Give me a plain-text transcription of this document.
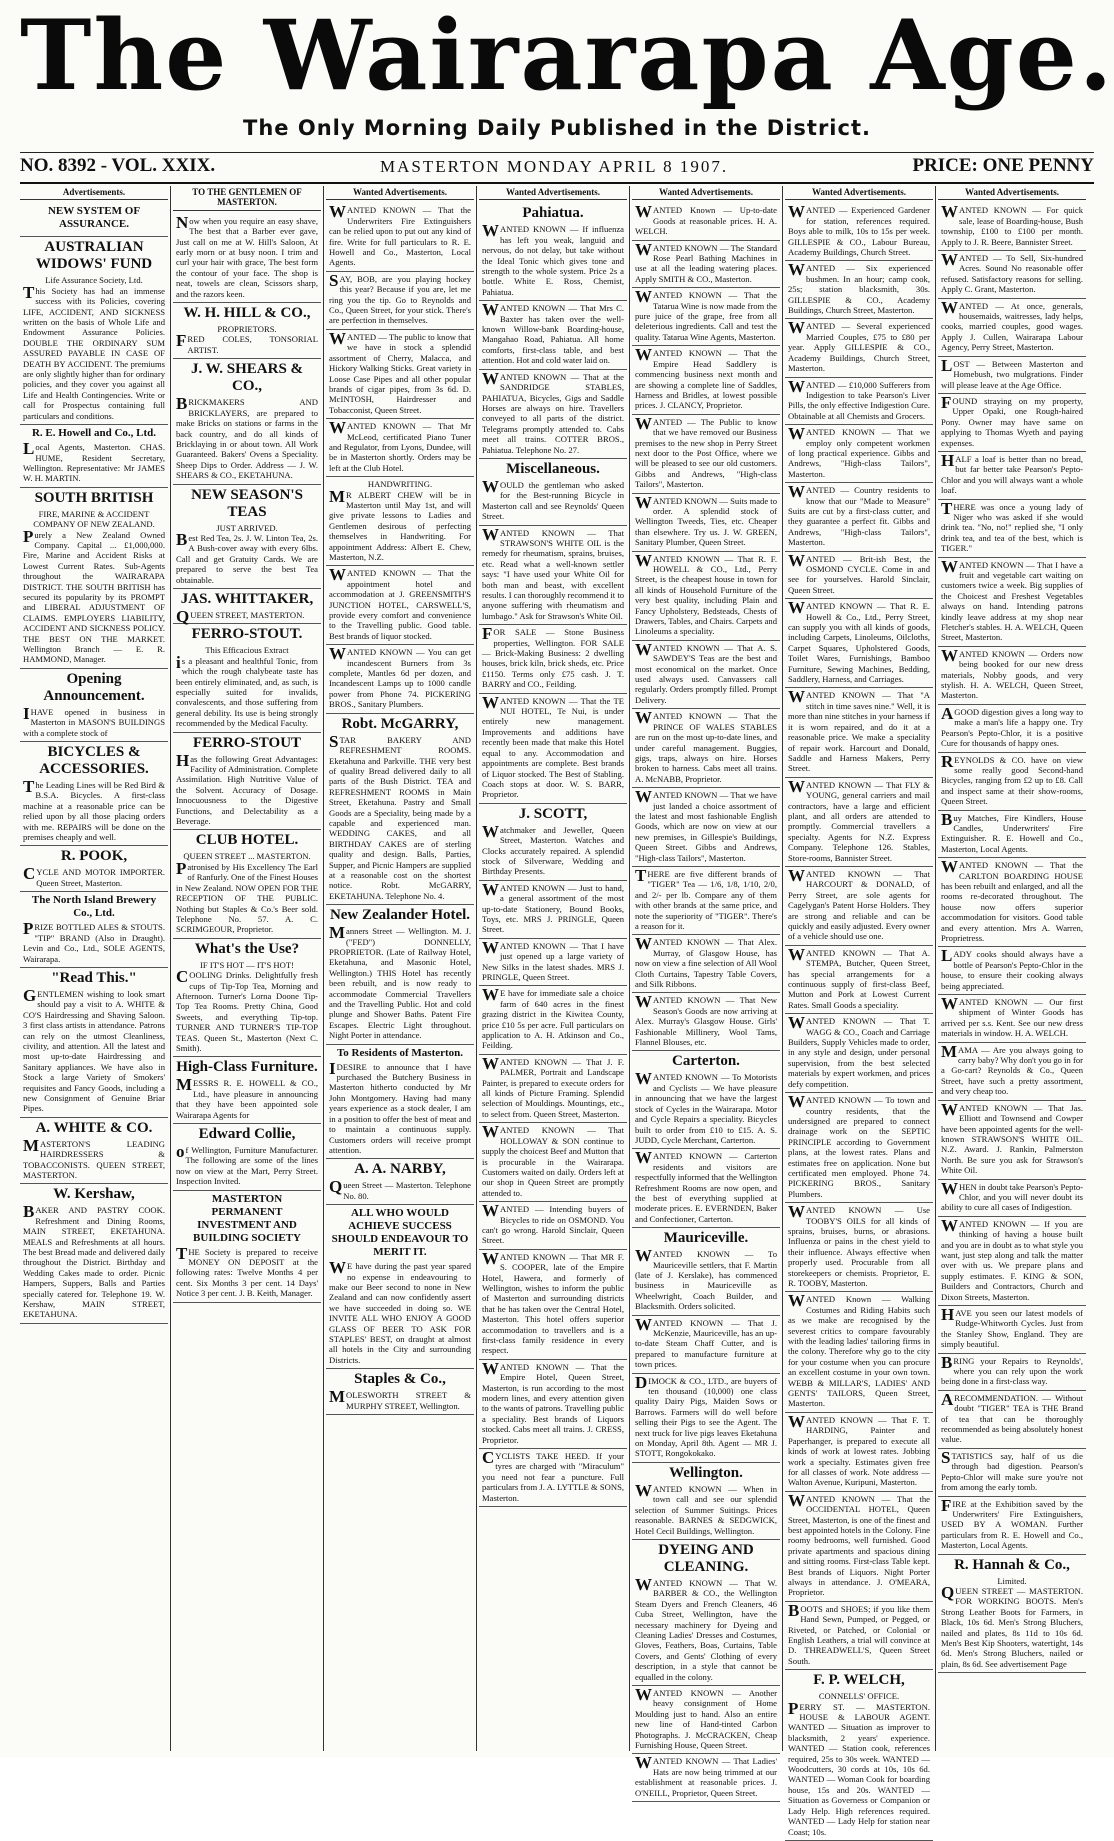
The Wairarapa Age.
The Only Morning Daily Published in the District.
NO. 8392 - VOL. XXIX.	MASTERTON MONDAY APRIL 8 1907.	PRICE: ONE PENNY
Advertisements.
NEW SYSTEM OF ASSURANCE.
AUSTRALIAN WIDOWS' FUND
Life Assurance Society, Ltd.
This Society has had an immense success with its Policies, covering LIFE, ACCIDENT, AND SICKNESS written on the basis of Whole Life and Endowment Assurance Policies. DOUBLE THE ORDINARY SUM ASSURED PAYABLE IN CASE OF DEATH BY ACCIDENT. The premiums are only slightly higher than for ordinary policies, and they cover you against all Life and Health Contingencies. Write or call for Prospectus containing full particulars and conditions.
R. E. Howell and Co., Ltd.
Local Agents, Masterton. CHAS. HUME, Resident Secretary, Wellington. Representative: Mr JAMES W. H. MARTIN.
SOUTH BRITISH
FIRE, MARINE & ACCIDENT COMPANY OF NEW ZEALAND.
Purely a New Zealand Owned Company. Capital ... £1,000,000. Fire, Marine and Accident Risks at Lowest Current Rates. Sub-Agents throughout the WAIRARAPA DISTRICT. THE SOUTH BRITISH has secured its popularity by its PROMPT and LIBERAL ADJUSTMENT OF CLAIMS. EMPLOYERS LIABILITY, ACCIDENT AND SICKNESS POLICY. THE BEST ON THE MARKET. Wellington Branch — E. R. HAMMOND, Manager.
Opening Announcement.
IHAVE opened in business in Masterton in MASON'S BUILDINGS with a complete stock of
BICYCLES & ACCESSORIES.
The Leading Lines will be Red Bird & B.S.A. Bicycles. A first-class machine at a reasonable price can be relied upon by all those placing orders with me. REPAIRS will be done on the premises cheaply and well.
R. POOK,
CYCLE AND MOTOR IMPORTER. Queen Street, Masterton.
The North Island Brewery Co., Ltd.
PRIZE BOTTLED ALES & STOUTS. "TIP" BRAND (Also in Draught). Levin and Co., Ltd., SOLE AGENTS, Wairarapa.
"Read This."
GENTLEMEN wishing to look smart should pay a visit to A. WHITE & CO'S Hairdressing and Shaving Saloon. 3 first class artists in attendance. Patrons can rely on the utmost Cleanliness, civility, and attention. All the latest and most up-to-date Hairdressing and Sanitary appliances. We have also in Stock a large Variety of Smokers' requisites and Fancy Goods, including a new Consignment of Genuine Briar Pipes.
A. WHITE & CO.
MASTERTON'S LEADING HAIRDRESSERS & TOBACCONISTS. QUEEN STREET, MASTERTON.
W. Kershaw,
BAKER AND PASTRY COOK. Refreshment and Dining Rooms, MAIN STREET, EKETAHUNA. MEALS and Refreshments at all hours. The best Bread made and delivered daily throughout the District. Birthday and Wedding Cakes made to order. Picnic Hampers, Suppers, Balls and Parties specially catered for. Telephone 19. W. Kershaw, MAIN STREET, EKETAHUNA.
TO THE GENTLEMEN OF MASTERTON.
Now when you require an easy shave, The best that a Barber ever gave, Just call on me at W. Hill's Saloon, At early morn or at busy noon. I trim and curl your hair with grace, The best form the contour of your face. The shop is neat, towels are clean, Scissors sharp, and the razors keen.
W. H. HILL & CO.,
PROPRIETORS.
FRED COLES, TONSORIAL ARTIST.
J. W. SHEARS & CO.,
BRICKMAKERS AND BRICKLAYERS, are prepared to make Bricks on stations or farms in the back country, and do all kinds of Bricklaying in or about town. All Work Guaranteed. Bakers' Ovens a Speciality. Sheep Dips to Order. Address — J. W. SHEARS & CO., EKETAHUNA.
NEW SEASON'S TEAS
JUST ARRIVED.
Best Red Tea, 2s. J. W. Linton Tea, 2s. A Bush-cover away with every 6lbs. Call and get Gratuity Cards. We are prepared to serve the best Tea obtainable.
JAS. WHITTAKER,
QUEEN STREET, MASTERTON.
FERRO-STOUT.
This Efficacious Extract
is a pleasant and healthful Tonic, from which the rough chalybeate taste has been entirely eliminated, and, as such, is especially suited for invalids, convalescents, and those suffering from general debility. Its use is being strongly recommended by the Medical Faculty.
FERRO-STOUT
Has the following Great Advantages: Facility of Administration. Complete Assimilation. High Nutritive Value of the Solvent. Accuracy of Dosage. Innocuousness to the Digestive Functions, and Delectability as a Beverage.
CLUB HOTEL.
QUEEN STREET ... MASTERTON.
Patronised by His Excellency The Earl of Ranfurly. One of the Finest Houses in New Zealand. NOW OPEN FOR THE RECEPTION OF THE PUBLIC. Nothing but Staples & Co.'s Beer sold. Telephone No. 57. A. C. SCRIMGEOUR, Proprietor.
What's the Use?
IF IT'S HOT — IT'S HOT!
COOLING Drinks. Delightfully fresh cups of Tip-Top Tea, Morning and Afternoon. Turner's Lorna Doone Tip-Top Tea Rooms. Pretty China, Good Sweets, and everything Tip-top. TURNER AND TURNER'S TIP-TOP TEAS. Queen St., Masterton (Next C. Smith).
High-Class Furniture.
MESSRS R. E. HOWELL & CO., Ltd., have pleasure in announcing that they have been appointed sole Wairarapa Agents for
Edward Collie,
of Wellington, Furniture Manufacturer. The following are some of the lines now on view at the Mart, Perry Street. Inspection Invited.
MASTERTON PERMANENT INVESTMENT AND BUILDING SOCIETY
THE Society is prepared to receive MONEY ON DEPOSIT at the following rates: Twelve Months 4 per cent. Six Months 3 per cent. 14 Days' Notice 3 per cent. J. B. Keith, Manager.
Wanted Advertisements.
WANTED KNOWN — That the Underwriters Fire Extinguishers can be relied upon to put out any kind of fire. Write for full particulars to R. E. Howell and Co., Masterton, Local Agents.
SAY, BOB, are you playing hockey this year? Because if you are, let me ring you the tip. Go to Reynolds and Co., Queen Street, for your stick. There's are perfection in themselves.
WANTED — The public to know that we have in stock a splendid assortment of Cherry, Malacca, and Hickory Walking Sticks. Great variety in Loose Case Pipes and all other popular brands of cigar pipes, from 3s 6d. D. McINTOSH, Hairdresser and Tobacconist, Queen Street.
WANTED KNOWN — That Mr McLeod, certificated Piano Tuner and Regulator, from Lyons, Dundee, will be in Masterton shortly. Orders may be left at the Club Hotel.
HANDWRITING.
MR ALBERT CHEW will be in Masterton until May 1st, and will give private lessons to Ladies and Gentlemen desirous of perfecting themselves in Handwriting. For appointment Address: Albert E. Chew, Masterton, N.Z.
WANTED KNOWN — That the appointment hotel and accommodation at J. GREENSMITH'S JUNCTION HOTEL, CARSWELL'S, provide every comfort and convenience to the Travelling public. Good table. Best brands of liquor stocked.
WANTED KNOWN — You can get incandescent Burners from 3s complete, Mantles 6d per dozen, and Incandescent Lamps up to 1000 candle power from Phone 74. PICKERING BROS., Sanitary Plumbers.
Robt. McGARRY,
STAR BAKERY AND REFRESHMENT ROOMS. Eketahuna and Parkville. THE very best of quality Bread delivered daily to all parts of the Bush District. TEA and REFRESHMENT ROOMS in Main Street, Eketahuna. Pastry and Small Goods are a Speciality, being made by a capable and experienced man. WEDDING CAKES, and all BIRTHDAY CAKES are of sterling quality and design. Balls, Parties, Supper, and Picnic Hampers are supplied at a reasonable cost on the shortest notice. Robt. McGARRY, EKETAHUNA. Telephone No. 4.
New Zealander Hotel.
Manners Street — Wellington. M. J. ("FED") DONNELLY, PROPRIETOR. (Late of Railway Hotel, Eketahuna, and Masonic Hotel, Wellington.) THIS Hotel has recently been rebuilt, and is now ready to accommodate Commercial Travellers and the Travelling Public. Hot and cold plunge and Shower Baths. Patent Fire Escapes. Electric Light throughout. Night Porter in attendance.
To Residents of Masterton.
IDESIRE to announce that I have purchased the Butchery Business in Masterton hitherto conducted by Mr John Montgomery. Having had many years experience as a stock dealer, I am in a position to offer the best of meat and to maintain a continuous supply. Customers orders will receive prompt attention.
A. A. NARBY,
Queen Street — Masterton. Telephone No. 80.
ALL WHO WOULD ACHIEVE SUCCESS SHOULD ENDEAVOUR TO MERIT IT.
WE have during the past year spared no expense in endeavouring to make our Beer second to none in New Zealand and can now confidently assert we have succeeded in doing so. WE INVITE ALL WHO ENJOY A GOOD GLASS OF BEER TO ASK FOR STAPLES' BEST, on draught at almost all hotels in the City and surrounding Districts.
Staples & Co.,
MOLESWORTH STREET & MURPHY STREET, Wellington.
Wanted Advertisements.
Pahiatua.
WANTED KNOWN — If influenza has left you weak, languid and nervous, do not delay, but take without the Ideal Tonic which gives tone and strength to the whole system. Price 2s a bottle. White E. Ross, Chemist, Pahiatua.
WANTED KNOWN — That Mrs C. Baxter has taken over the well-known Willow-bank Boarding-house, Mangahao Road, Pahiatua. All home comforts, first-class table, and best attention. Hot and cold water laid on.
WANTED KNOWN — That at the SANDRIDGE STABLES, PAHIATUA, Bicycles, Gigs and Saddle Horses are always on hire. Travellers conveyed to all parts of the district. Telegrams promptly attended to. Cabs meet all trains. COTTER BROS., Pahiatua. Telephone No. 27.
Miscellaneous.
WOULD the gentleman who asked for the Best-running Bicycle in Masterton call and see Reynolds' Queen Street.
WANTED KNOWN — That STRAWSON'S WHITE OIL is the remedy for rheumatism, sprains, bruises, etc. Read what a well-known settler says: "I have used your White Oil for both man and beast, with excellent results. I can thoroughly recommend it to anyone suffering with rheumatism and lumbago." Ask for Strawson's White Oil.
FOR SALE — Stone Business properties, Wellington. FOR SALE — Brick-Making Business: 2 dwelling houses, brick kiln, brick sheds, etc. Price £1150. Terms only £75 cash. J. T. BARRY and CO., Feilding.
WANTED KNOWN — That the TE NUI HOTEL, Te Nui, is under entirely new management. Improvements and additions have recently been made that make this Hotel equal to any. Accommodation and appointments are complete. Best brands of Liquor stocked. The Best of Stabling. Coach stops at door. W. S. BARR, Proprietor.
J. SCOTT,
Watchmaker and Jeweller, Queen Street, Masterton. Watches and Clocks accurately repaired. A splendid stock of Silverware, Wedding and Birthday Presents.
WANTED KNOWN — Just to hand, a general assortment of the most up-to-date Stationery, Bound Books, Toys, etc. MRS J. PRINGLE, Queen Street.
WANTED KNOWN — That I have just opened up a large variety of New Silks in the latest shades. MRS J. PRINGLE, Queen Street.
WE have for immediate sale a choice farm of 640 acres in the finest grazing district in the Kiwitea County, price £10 5s per acre. Full particulars on application to A. H. Atkinson and Co., Feilding.
WANTED KNOWN — That J. F. PALMER, Portrait and Landscape Painter, is prepared to execute orders for all kinds of Picture Framing. Splendid selection of Mouldings. Mountings, etc., to select from. Queen Street, Masterton.
WANTED KNOWN — That HOLLOWAY & SON continue to supply the choicest Beef and Mutton that is procurable in the Wairarapa. Customers waited on daily. Orders left at our shop in Queen Street are promptly attended to.
WANTED — Intending buyers of Bicycles to ride on OSMOND. You can't go wrong. Harold Sinclair, Queen Street.
WANTED KNOWN — That MR F. S. COOPER, late of the Empire Hotel, Hawera, and formerly of Wellington, wishes to inform the public of Masterton and surrounding districts that he has taken over the Central Hotel, Masterton. This hotel offers superior accommodation to travellers and is a first-class family residence in every respect.
WANTED KNOWN — That the Empire Hotel, Queen Street, Masterton, is run according to the most modern lines, and every attention given to the wants of patrons. Travelling public a speciality. Best brands of Liquors stocked. Cabs meet all trains. J. CRESS, Proprietor.
CYCLISTS TAKE HEED. If your tyres are charged with "Miraculum" you need not fear a puncture. Full particulars from J. A. LYTTLE & SONS, Masterton.
Wanted Advertisements.
WANTED Known — Up-to-date Goods at reasonable prices. H. A. WELCH.
WANTED KNOWN — The Standard Rose Pearl Bathing Machines in use at all the leading watering places. Apply SMITH & CO., Masterton.
WANTED KNOWN — That the Tatarua Wine is now made from the pure juice of the grape, free from all deleterious ingredients. Call and test the quality. Tatarua Wine Agents, Masterton.
WANTED KNOWN — That the Empire Head Saddlery is commencing business next month and are showing a complete line of Saddles, Harness and Bridles, at lowest possible prices. J. CLANCY, Proprietor.
WANTED — The Public to know that we have removed our Business premises to the new shop in Perry Street next door to the Post Office, where we will be pleased to see our old customers. Gibbs and Andrews, "High-class Tailors", Masterton.
WANTED KNOWN — Suits made to order. A splendid stock of Wellington Tweeds, Ties, etc. Cheaper than elsewhere. Try us. J. W. GREEN, Sanitary Plumber, Queen Street.
WANTED KNOWN — That R. F. HOWELL & CO., Ltd., Perry Street, is the cheapest house in town for all kinds of Household Furniture of the very best quality, including Plain and Fancy Upholstery, Bedsteads, Chests of Drawers, Tables, and Chairs. Carpets and Linoleums a speciality.
WANTED KNOWN — That A. S. SAWDEY'S Teas are the best and most economical on the market. Once used always used. Canvassers call regularly. Orders promptly filled. Prompt Delivery.
WANTED KNOWN — That the PRINCE OF WALES STABLES are run on the most up-to-date lines, and under careful management. Buggies, gigs, traps, always on hire. Horses broken to harness. Cabs meet all trains. A. McNABB, Proprietor.
WANTED KNOWN — That we have just landed a choice assortment of the latest and most fashionable English Goods, which are now on view at our new premises, in Gillespie's Buildings, Queen Street. Gibbs and Andrews, "High-class Tailors", Masterton.
THERE are five different brands of "TIGER" Tea — 1/6, 1/8, 1/10, 2/0, and 2/- per lb. Compare any of them with other brands at the same price, and note the superiority of "TIGER". There's a reason for it.
WANTED KNOWN — That Alex. Murray, of Glasgow House, has now on view a fine selection of All Wool Cloth Curtains, Tapestry Table Covers, and Silk Ribbons.
WANTED KNOWN — That New Season's Goods are now arriving at Alex. Murray's Glasgow House. Girls' Fashionable Millinery, Wool Tams, Flannel Blouses, etc.
Carterton.
WANTED KNOWN — To Motorists and Cyclists — We have pleasure in announcing that we have the largest stock of Cycles in the Wairarapa. Motor and Cycle Repairs a speciality. Bicycles built to order from £10 to £15. A. S. JUDD, Cycle Merchant, Carterton.
WANTED KNOWN — Carterton residents and visitors are respectfully informed that the Wellington Refreshment Rooms are now open, and the best of everything supplied at moderate prices. E. EVERNDEN, Baker and Confectioner, Carterton.
Mauriceville.
WANTED KNOWN — To Mauriceville settlers, that F. Martin (late of J. Kerslake), has commenced business in Mauriceville as Wheelwright, Coach Builder, and Blacksmith. Orders solicited.
WANTED KNOWN — That J. McKenzie, Mauriceville, has an up-to-date Steam Chaff Cutter, and is prepared to manufacture furniture at town prices.
DIMOCK & CO., LTD., are buyers of ten thousand (10,000) one class quality Dairy Pigs, Maiden Sows or Barrows. Farmers will do well before selling their Pigs to see the Agent. The next truck for live pigs leaves Eketahuna on Monday, April 8th. Agent — MR J. STOTT, Rongokokako.
Wellington.
WANTED KNOWN — When in town call and see our splendid selection of Summer Suitings. Prices reasonable. BARNES & SEDGWICK, Hotel Cecil Buildings, Wellington.
DYEING AND CLEANING.
WANTED KNOWN — That W. BARBER & CO., the Wellington Steam Dyers and French Cleaners, 46 Cuba Street, Wellington, have the necessary machinery for Dyeing and Cleaning Ladies' Dresses and Costumes, Gloves, Feathers, Boas, Curtains, Table Covers, and Gents' Clothing of every description, in a style that cannot be equalled in the colony.
WANTED KNOWN — Another heavy consignment of Home Moulding just to hand. Also an entire new line of Hand-tinted Carbon Photographs. J. McCRACKEN, Cheap Furnishing House, Queen Street.
WANTED KNOWN — That Ladies' Hats are now being trimmed at our establishment at reasonable prices. J. O'NEILL, Proprietor, Queen Street.
Wanted Advertisements.
WANTED — Experienced Gardener for station, references required. Boys able to milk, 10s to 15s per week. GILLESPIE & CO., Labour Bureau, Academy Buildings, Church Street.
WANTED — Six experienced bushmen. In an hour; camp cook, 25s; station blacksmith, 30s. GILLESPIE & CO., Academy Buildings, Church Street, Masterton.
WANTED — Several experienced Married Couples, £75 to £80 per year. Apply GILLESPIE & CO., Academy Buildings, Church Street, Masterton.
WANTED — £10,000 Sufferers from Indigestion to take Pearson's Liver Pills, the only effective Indigestion Cure. Obtainable at all Chemists and Grocers.
WANTED KNOWN — That we employ only competent workmen of long practical experience. Gibbs and Andrews, "High-class Tailors", Masterton.
WANTED — Country residents to know that our "Made to Measure" Suits are cut by a first-class cutter, and they guarantee a perfect fit. Gibbs and Andrews, "High-class Tailors", Masterton.
WANTED — Brit-ish Best, the OSMOND CYCLE. Come in and see for yourselves. Harold Sinclair, Queen Street.
WANTED KNOWN — That R. E. Howell & Co., Ltd., Perry Street, can supply you with all kinds of goods, including Carpets, Linoleums, Oilcloths, Carpet Squares, Upholstered Goods, Toilet Wares, Furnishings, Bamboo Furniture, Sewing Machines, Bedding, Saddlery, Harness, and Carriages.
WANTED KNOWN — That "A stitch in time saves nine." Well, it is more than nine stitches in your harness if it is worn repaired, and do it at a reasonable price. We make a speciality of repair work. Harcourt and Donald, Saddle and Harness Makers, Perry Street.
WANTED KNOWN — That FLY & YOUNG, general carriers and mail contractors, have a large and efficient plant, and all orders are attended to promptly. Commercial travellers a specialty. Agents for N.Z. Express Company. Telephone 126. Stables, Store-rooms, Bannister Street.
WANTED KNOWN — That HARCOURT & DONALD, of Perry Street, are sole agents for Cagelygan's Patent Horse Holders. They are strong and reliable and can be quickly and easily adjusted. Every owner of a vehicle should use one.
WANTED KNOWN — That A. STEMPA, Butcher, Queen Street, has special arrangements for a continuous supply of first-class Beef, Mutton and Pork at Lowest Current Rates. Small Goods a speciality.
WANTED KNOWN — That T. WAGG & CO., Coach and Carriage Builders, Supply Vehicles made to order, in any style and design, under personal supervision, from the best selected materials by expert workmen, and prices defy competition.
WANTED KNOWN — To town and country residents, that the undersigned are prepared to connect drainage work on the SEPTIC PRINCIPLE according to Government plans, at the lowest rates. Plans and estimates free on application. None but certificated men employed. Phone 74. PICKERING BROS., Sanitary Plumbers.
WANTED KNOWN — Use TOOBY'S OILS for all kinds of sprains, bruises, burns, or abrasions. Influenza or pains in the chest yield to their influence. Always effective when properly used. Procurable from all storekeepers or chemists. Proprietor, E. R. TOOBY, Masterton.
WANTED Known — Walking Costumes and Riding Habits such as we make are recognised by the severest critics to compare favourably with the leading ladies' tailoring firms in the colony. Therefore why go to the city for your costume when you can procure an excellent costume in your own town. WEBB & MILLAR'S, LADIES' AND GENTS' TAILORS, Queen Street, Masterton.
WANTED KNOWN — That F. T. HARDING, Painter and Paperhanger, is prepared to execute all kinds of work at lowest rates. Jobbing work a specialty. Estimates given free for all classes of work. Note address — Walton Avenue, Kuripuni, Masterton.
WANTED KNOWN — That the OCCIDENTAL HOTEL, Queen Street, Masterton, is one of the finest and best appointed hotels in the Colony. Fine roomy bedrooms, well furnished. Good private apartments and spacious dining and sitting rooms. First-class Table kept. Best brands of Liquors. Night Porter always in attendance. J. O'MEARA, Proprietor.
BOOTS and SHOES; if you like them Hand Sewn, Pumped, or Pegged, or Riveted, or Patched, or Colonial or English Leathers, a trial will convince at D. THREADWELL'S, Queen Street South.
F. P. WELCH,
CONNELLS' OFFICE.
PERRY ST. — MASTERTON. HOUSE & LABOUR AGENT. WANTED — Situation as improver to blacksmith, 2 years' experience. WANTED — Station cook, references required, 25s to 30s week. WANTED — Woodcutters, 30 cords at 10s, 10s 6d. WANTED — Woman Cook for boarding house, 15s and 20s. WANTED — Situation as Governess or Companion or Lady Help. High references required. WANTED — Lady Help for station near Coast; 10s.
Wanted Advertisements.
WANTED KNOWN — For quick sale, lease of Boarding-house, Bush township, £100 to £100 per month. Apply to J. R. Beere, Bannister Street.
WANTED — To Sell, Six-hundred Acres. Sound No reasonable offer refused. Satisfactory reasons for selling. Apply C. Grant, Masterton.
WANTED — At once, generals, housemaids, waitresses, lady helps, cooks, married couples, good wages. Apply J. Cullen, Wairarapa Labour Agency, Perry Street, Masterton.
LOST — Between Masterton and Homebush, two mulgrations. Finder will please leave at the Age Office.
FOUND straying on my property, Upper Opaki, one Rough-haired Pony. Owner may have same on applying to Thomas Wyeth and paying expenses.
HALF a loaf is better than no bread, but far better take Pearson's Pepto-Chlor and you will always want a whole loaf.
THERE was once a young lady of Niger who was asked if she would drink tea. "No, no!" replied she, "I only drink tea, and tea of the best, which is TIGER."
WANTED KNOWN — That I have a fruit and vegetable cart waiting on customers twice a week. Big supplies of the Choicest and Freshest Vegetables always on hand. Intending patrons kindly leave address at my shop near Fletcher's stables. H. A. WELCH, Queen Street, Masterton.
WANTED KNOWN — Orders now being booked for our new dress materials, Nobby goods, and very stylish. H. A. WELCH, Queen Street, Masterton.
AGOOD digestion gives a long way to make a man's life a happy one. Try Pearson's Pepto-Chlor, it is a positive Cure for thousands of happy ones.
REYNOLDS & CO. have on view some really good Second-hand Bicycles, ranging from £2 up to £8. Call and inspect same at their show-rooms, Queen Street.
Buy Matches, Fire Kindlers, House Candles, Underwriters' Fire Extinguisher. R. E. Howell and Co., Masterton, Local Agents.
WANTED KNOWN — That the CARLTON BOARDING HOUSE has been rebuilt and enlarged, and all the rooms re-decorated throughout. The house now offers superior accommodation for visitors. Good table and every attention. Mrs A. Warren, Proprietress.
LADY cooks should always have a bottle of Pearson's Pepto-Chlor in the house, to ensure their cooking always being appreciated.
WANTED KNOWN — Our first shipment of Winter Goods has arrived per s.s. Kent. See our new dress materials in window. H. A. WELCH.
MAMA — Are you always going to carry baby? Why don't you go in for a Go-cart? Reynolds & Co., Queen Street, have such a pretty assortment, and very cheap too.
WANTED KNOWN — That Jas. Elliott and Townsend and Cowper have been appointed agents for the well-known STRAWSON'S WHITE OIL. N.Z. Award. J. Rankin, Palmerston North. Be sure you ask for Strawson's White Oil.
WHEN in doubt take Pearson's Pepto-Chlor, and you will never doubt its ability to cure all cases of Indigestion.
WANTED KNOWN — If you are thinking of having a house built and you are in doubt as to what style you want, just step along and talk the matter over with us. We prepare plans and supply estimates. F. KING & SON, Builders and Contractors, Church and Dixon Streets, Masterton.
HAVE you seen our latest models of Rudge-Whitworth Cycles. Just from the Stanley Show, England. They are simply beautiful.
BRING your Repairs to Reynolds', where you can rely upon the work being done in a first-class way.
ARECOMMENDATION. — Without doubt "TIGER" TEA is THE Brand of tea that can be thoroughly recommended as being absolutely honest value.
STATISTICS say, half of us die through bad digestion. Pearson's Pepto-Chlor will make sure you're not from among the early tomb.
FIRE at the Exhibition saved by the Underwriters' Fire Extinguishers, USED BY A WOMAN. Further particulars from R. E. Howell and Co., Masterton, Local Agents.
R. Hannah & Co.,
Limited.
QUEEN STREET — MASTERTON. FOR WORKING BOOTS. Men's Strong Leather Boots for Farmers, in Black, 10s 6d. Men's Strong Bluchers, nailed and plates, 8s 11d to 10s 6d. Men's Best Kip Shooters, watertight, 14s 6d. Men's Strong Bluchers, nailed or plain, 8s 6d. See advertisement Page
